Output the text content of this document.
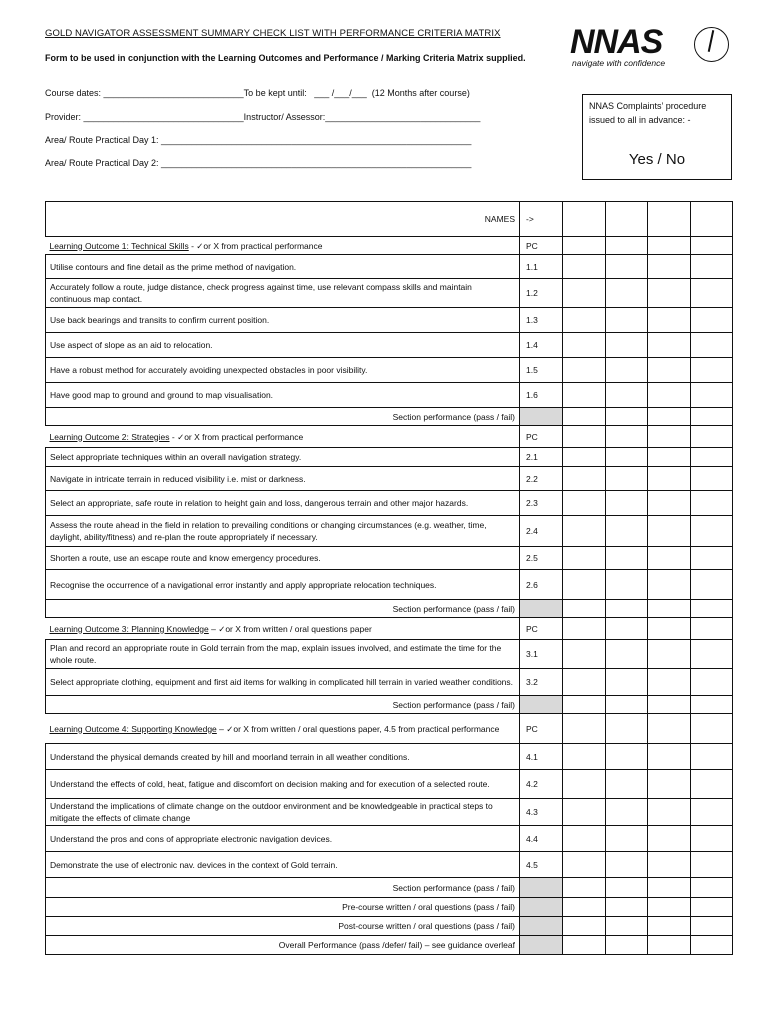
GOLD NAVIGATOR ASSESSMENT SUMMARY CHECK LIST WITH PERFORMANCE CRITERIA MATRIX
Form to be used in conjunction with the Learning Outcomes and Performance / Marking Criteria Matrix supplied.	NNAS
navigate with confidence
Course dates: ____________________________To be kept until:   ___ /___/___  (12 Months after course)
Provider: ________________________________Instructor/ Assessor:_______________________________
Area/ Route Practical Day 1: ______________________________________________________________
Area/ Route Practical Day 2: ______________________________________________________________
NNAS Complaints’ procedure issued to all in advance: -
Yes / No
NAMES	->				
Learning Outcome 1: Technical Skills - ✓or X from practical performance	PC				
Utilise contours and fine detail as the prime method of navigation.	1.1				
Accurately follow a route, judge distance, check progress against time, use relevant compass skills and maintain continuous map contact.	1.2				
Use back bearings and transits to confirm current position.	1.3				
Use aspect of slope as an aid to relocation.	1.4				
Have a robust method for accurately avoiding unexpected obstacles in poor visibility.	1.5				
Have good map to ground and ground to map visualisation.	1.6				
Section performance (pass / fail)					
Learning Outcome 2: Strategies - ✓or X from practical performance	PC				
Select appropriate techniques within an overall navigation strategy.	2.1				
Navigate in intricate terrain in reduced visibility i.e. mist or darkness.	2.2				
Select an appropriate, safe route in relation to height gain and loss, dangerous terrain and other major hazards.	2.3				
Assess the route ahead in the field in relation to prevailing conditions or changing circumstances (e.g. weather, time, daylight, ability/fitness) and re-plan the route appropriately if necessary.	2.4				
Shorten a route, use an escape route and know emergency procedures.	2.5				
Recognise the occurrence of a navigational error instantly and apply appropriate relocation techniques.	2.6				
Section performance (pass / fail)					
Learning Outcome 3: Planning Knowledge – ✓or X from written / oral questions paper	PC				
Plan and record an appropriate route in Gold terrain from the map, explain issues involved, and estimate the time for the whole route.	3.1				
Select appropriate clothing, equipment and first aid items for walking in complicated hill terrain in varied weather conditions.	3.2				
Section performance (pass / fail)					
Learning Outcome 4: Supporting Knowledge – ✓or X from written / oral questions paper, 4.5 from practical performance	PC				
Understand the physical demands created by hill and moorland terrain in all weather conditions.	4.1				
Understand the effects of cold, heat, fatigue and discomfort on decision making and for execution of a selected route.	4.2				
Understand the implications of climate change on the outdoor environment and be knowledgeable in practical steps to mitigate the effects of climate change	4.3				
Understand the pros and cons of appropriate electronic navigation devices.	4.4				
Demonstrate the use of electronic nav. devices in the context of Gold terrain.	4.5				
Section performance (pass / fail)					
Pre-course written / oral questions (pass / fail)					
Post-course written / oral questions (pass / fail)					
Overall Performance (pass /defer/ fail) – see guidance overleaf					
